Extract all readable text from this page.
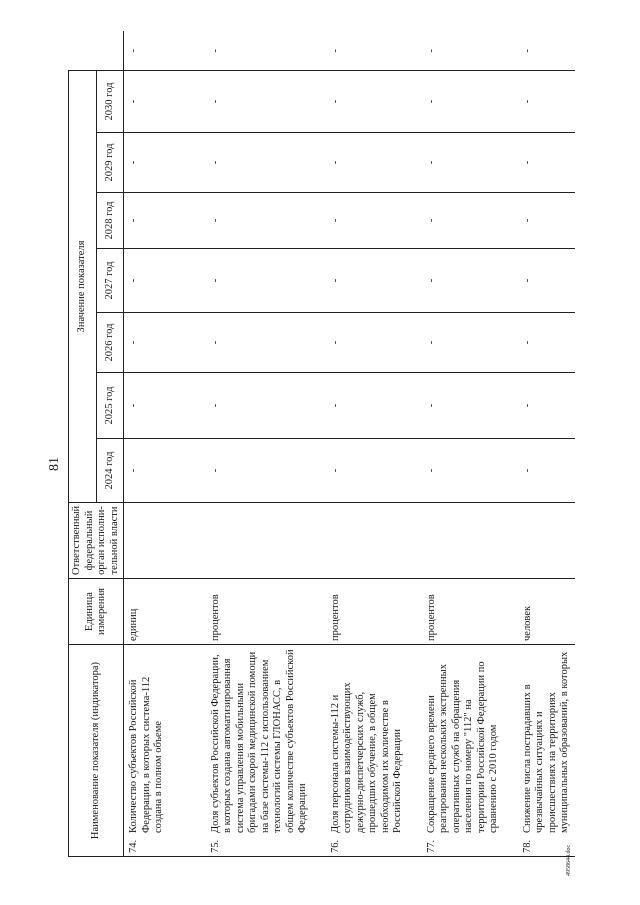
81
4958644.doc
Наименование показателя (индикатора)	Единица измерения	Ответственный федеральный орган исполни-тельной власти	Значение показателя							
			2024 год	2025 год	2026 год	2027 год	2028 год	2029 год	2030 год	
74.Количество субъектов Российской Федерации, в которых система-112 создана в полном объеме	единиц		-	-	-	-	-	-	-	-
75.Доля субъектов Российской Федерации, в которых создана автоматизированная система управления мобильными бригадами скорой медицинской помощи на базе системы-112 с использованием технологий системы ГЛОНАСС, в общем количестве субъектов Российской Федерации	процентов		-	-	-	-	-	-	-	-
76.Доля персонала системы-112 и сотрудников взаимодействующих дежурно-диспетчерских служб, прошедших обучение, в общем необходимом их количестве в Российской Федерации	процентов		-	-	-	-	-	-	-	-
77.Сокращение среднего времени реагирования нескольких экстренных оперативных служб на обращения населения по номеру "112" на территории Российской Федерации по сравнению с 2010 годом	процентов		-	-	-	-	-	-	-	-
78.Снижение числа пострадавших в чрезвычайных ситуациях и происшествиях на территориях муниципальных образований, в которых	человек		-	-	-	-	-	-	-	-
